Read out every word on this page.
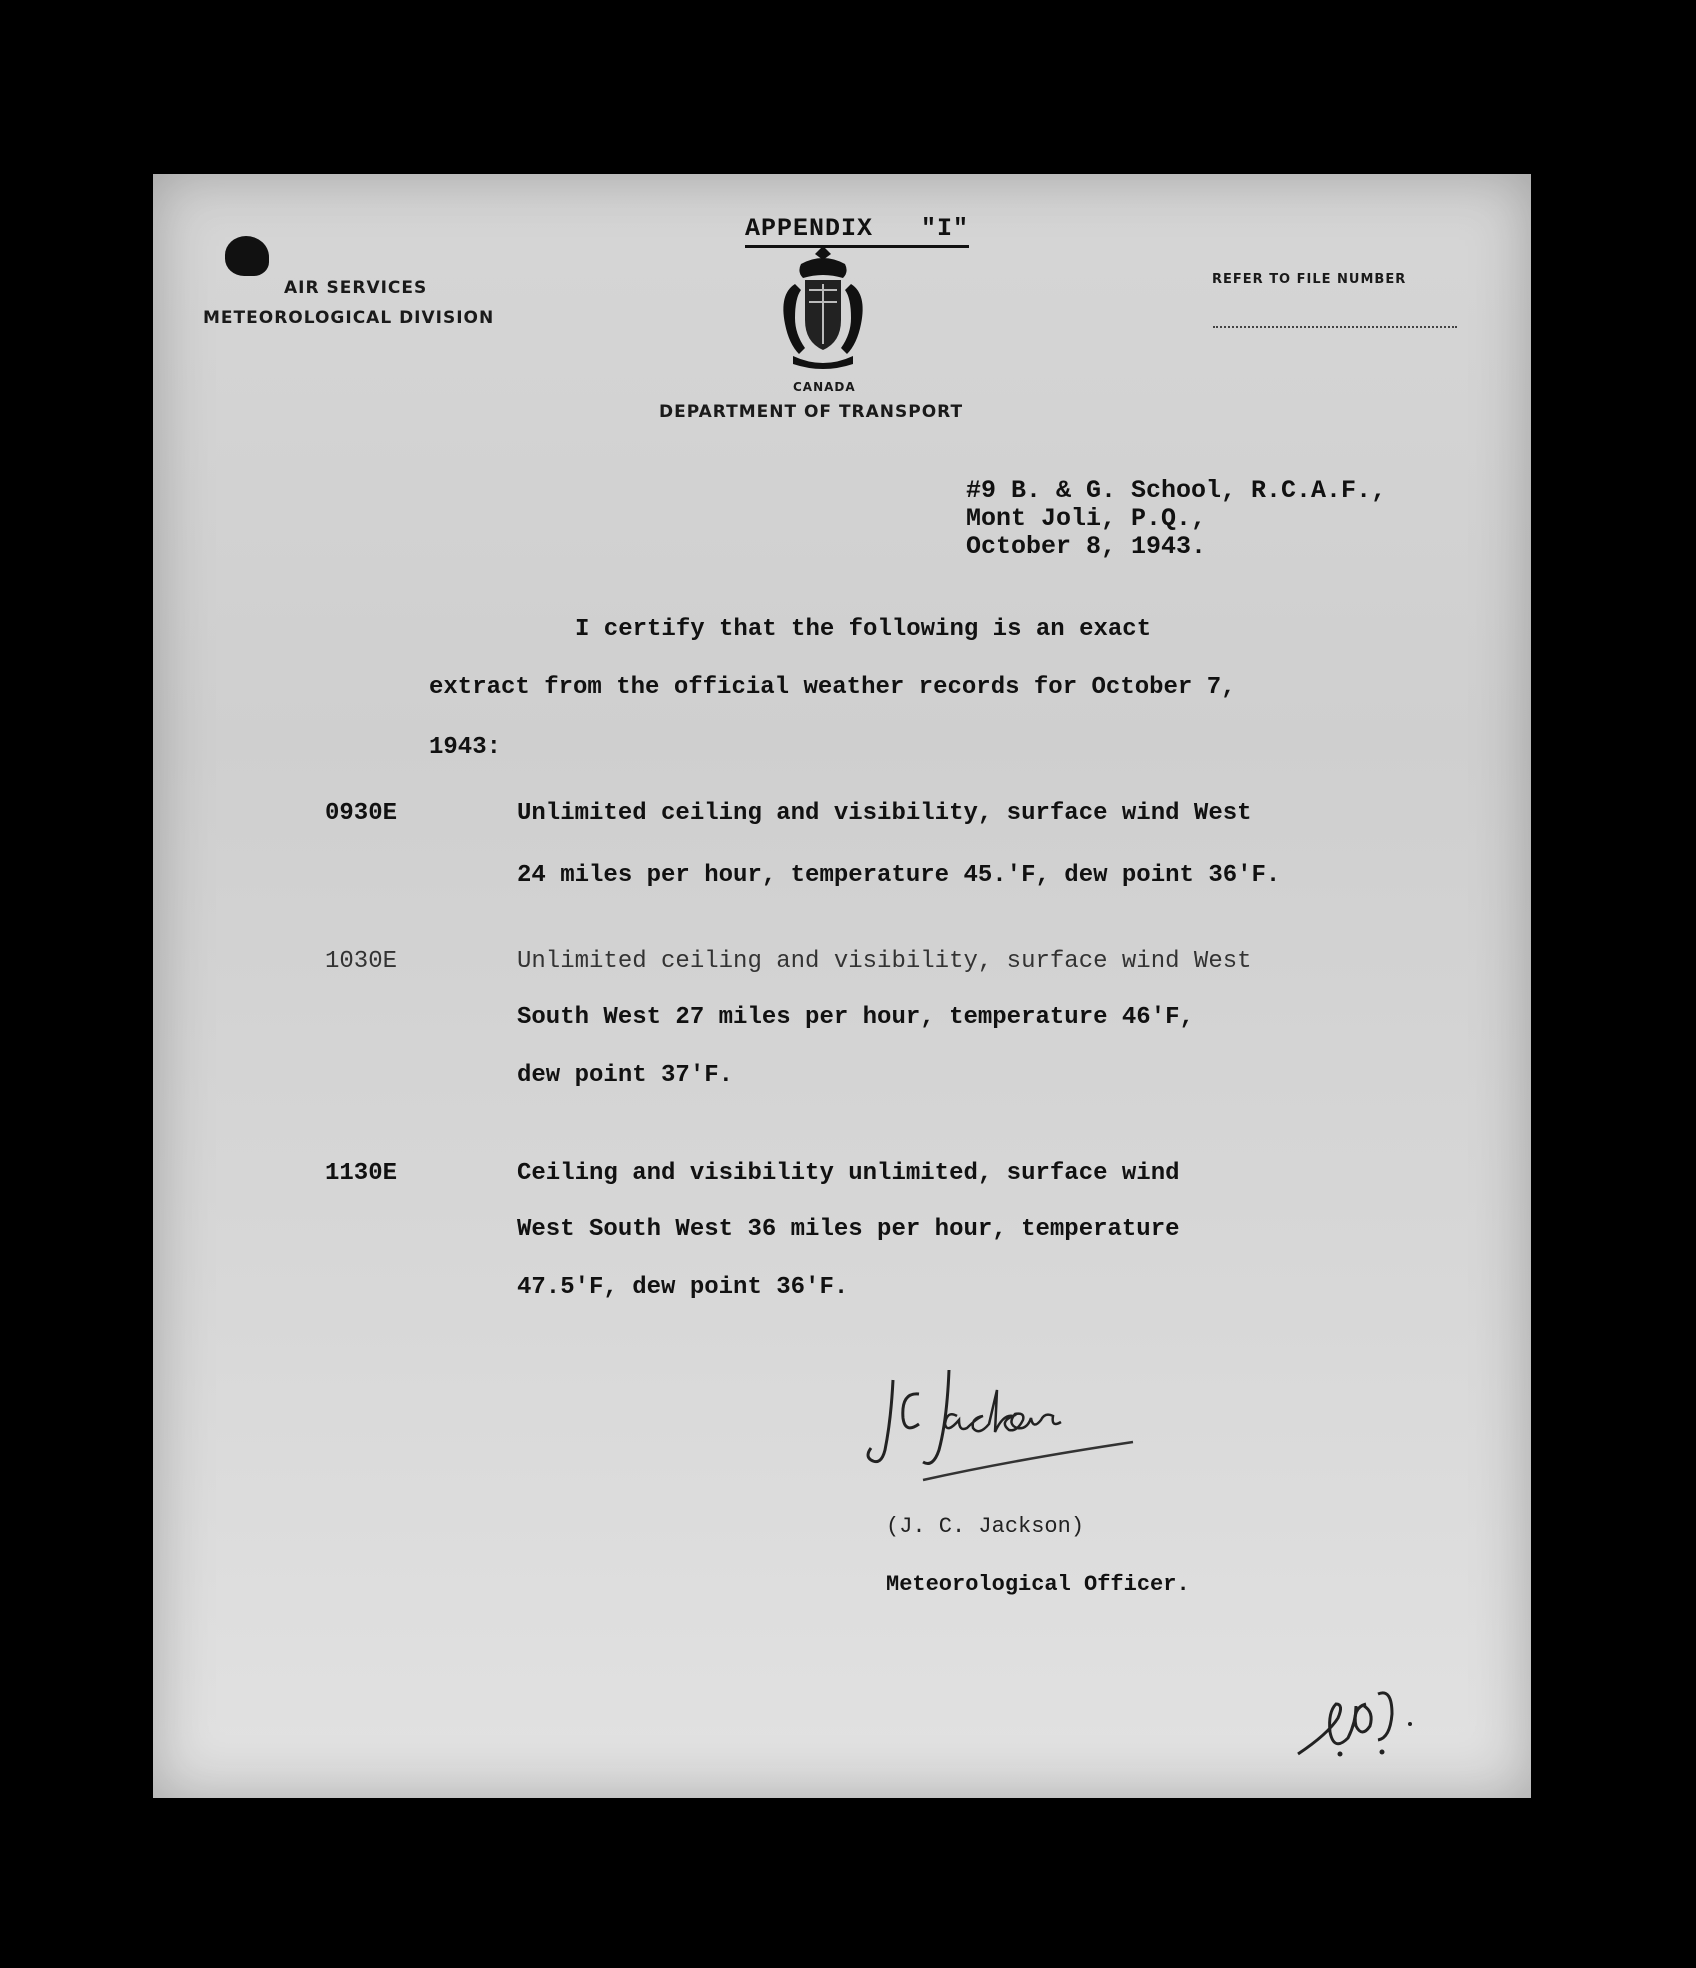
AIR SERVICES
METEOROLOGICAL DIVISION
APPENDIX   "I"
CANADA
DEPARTMENT OF TRANSPORT
REFER TO FILE NUMBER
#9 B. & G. School, R.C.A.F.,
Mont Joli, P.Q.,
October 8, 1943.
I certify that the following is an exact
extract from the official weather records for October 7,
1943:
0930E	Unlimited ceiling and visibility, surface wind West
24 miles per hour, temperature 45.'F, dew point 36'F.
1030E	Unlimited ceiling and visibility, surface wind West
South West 27 miles per hour, temperature 46'F,
dew point 37'F.
1130E	Ceiling and visibility unlimited, surface wind
West South West 36 miles per hour, temperature
47.5'F, dew point 36'F.
(J. C. Jackson)
Meteorological Officer.
